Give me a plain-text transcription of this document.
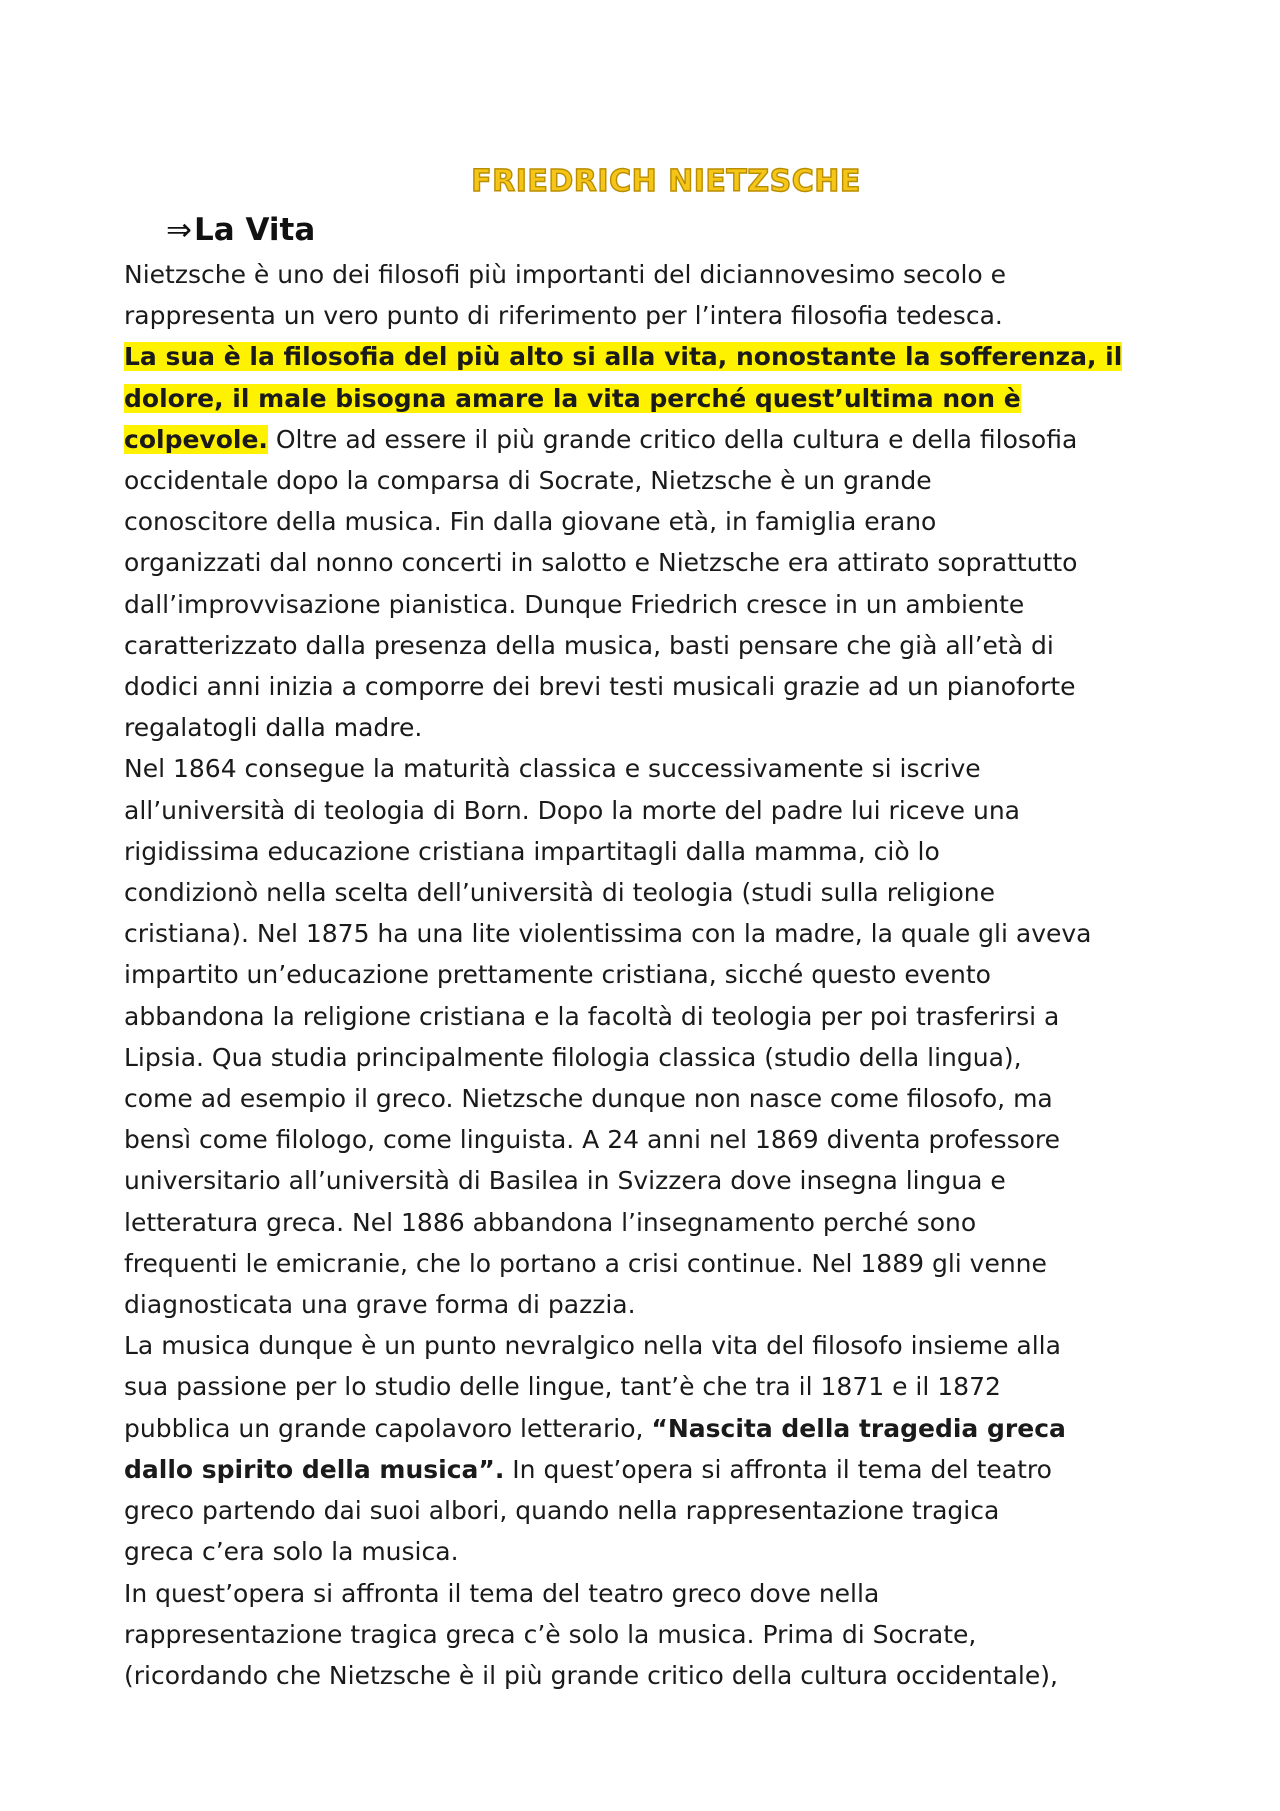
FRIEDRICH NIETZSCHE
⇒La Vita

Nietzsche è uno dei filosofi più importanti del diciannovesimo secolo e
rappresenta un vero punto di riferimento per l’intera filosofia tedesca.

La sua è la filosofia del più alto si alla vita, nonostante la sofferenza, il
dolore, il male bisogna amare la vita perché quest’ultima non è
colpevole. Oltre ad essere il più grande critico della cultura e della filosofia
occidentale dopo la comparsa di Socrate, Nietzsche è un grande
conoscitore della musica. Fin dalla giovane età, in famiglia erano
organizzati dal nonno concerti in salotto e Nietzsche era attirato soprattutto
dall’improvvisazione pianistica. Dunque Friedrich cresce in un ambiente
caratterizzato dalla presenza della musica, basti pensare che già all’età di
dodici anni inizia a comporre dei brevi testi musicali grazie ad un pianoforte
regalatogli dalla madre.

Nel 1864 consegue la maturità classica e successivamente si iscrive
all’università di teologia di Born. Dopo la morte del padre lui riceve una
rigidissima educazione cristiana impartitagli dalla mamma, ciò lo
condizionò nella scelta dell’università di teologia (studi sulla religione
cristiana). Nel 1875 ha una lite violentissima con la madre, la quale gli aveva
impartito un’educazione prettamente cristiana, sicché questo evento
abbandona la religione cristiana e la facoltà di teologia per poi trasferirsi a
Lipsia. Qua studia principalmente filologia classica (studio della lingua),
come ad esempio il greco. Nietzsche dunque non nasce come filosofo, ma
bensì come filologo, come linguista. A 24 anni nel 1869 diventa professore
universitario all’università di Basilea in Svizzera dove insegna lingua e
letteratura greca. Nel 1886 abbandona l’insegnamento perché sono
frequenti le emicranie, che lo portano a crisi continue. Nel 1889 gli venne
diagnosticata una grave forma di pazzia.

La musica dunque è un punto nevralgico nella vita del filosofo insieme alla
sua passione per lo studio delle lingue, tant’è che tra il 1871 e il 1872
pubblica un grande capolavoro letterario, “Nascita della tragedia greca
dallo spirito della musica”. In quest’opera si affronta il tema del teatro
greco partendo dai suoi albori, quando nella rappresentazione tragica
greca c’era solo la musica.

In quest’opera si affronta il tema del teatro greco dove nella
rappresentazione tragica greca c’è solo la musica. Prima di Socrate,
(ricordando che Nietzsche è il più grande critico della cultura occidentale),
